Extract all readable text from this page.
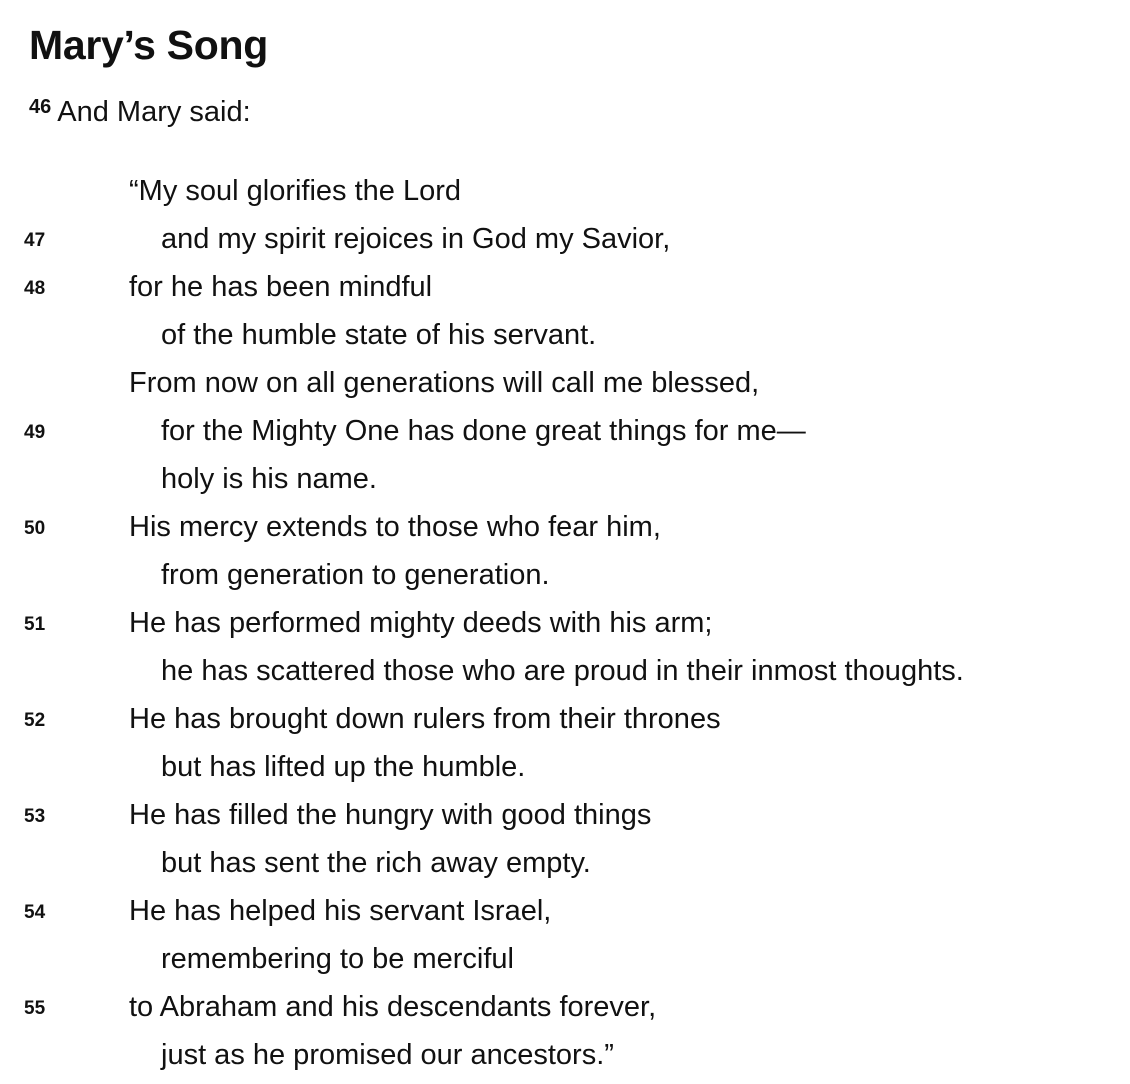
Mary’s Song
$^{46}$ And Mary said:
“My soul glorifies the Lord
47	and my spirit rejoices in God my Savior,
48	for he has been mindful
of the humble state of his servant.
From now on all generations will call me blessed,
49	for the Mighty One has done great things for me—
holy is his name.
50	His mercy extends to those who fear him,
from generation to generation.
51	He has performed mighty deeds with his arm;
he has scattered those who are proud in their inmost thoughts.
52	He has brought down rulers from their thrones
but has lifted up the humble.
53	He has filled the hungry with good things
but has sent the rich away empty.
54	He has helped his servant Israel,
remembering to be merciful
55	to Abraham and his descendants forever,
just as he promised our ancestors.”
